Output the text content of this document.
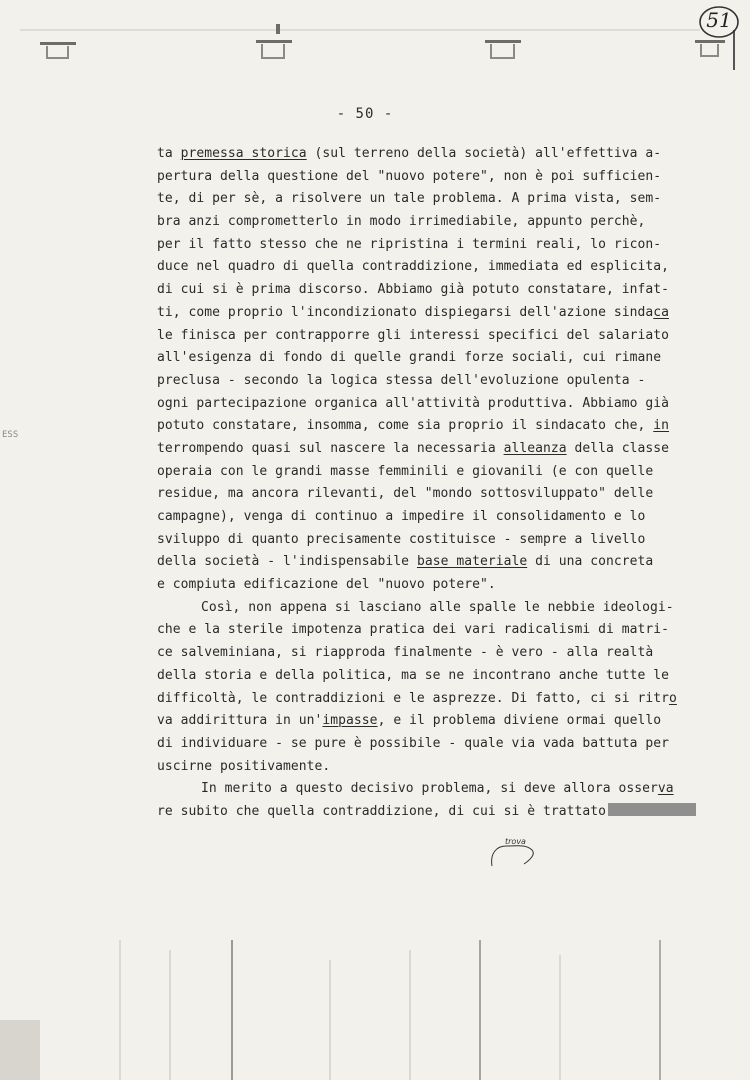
51
ESS
- 50 -
ta premessa storica (sul terreno della società) all'effettiva a-
pertura della questione del "nuovo potere", non è poi sufficien-
te, di per sè, a risolvere un tale problema. A prima vista, sem-
bra anzi comprometterlo in modo irrimediabile, appunto perchè,
per il fatto stesso che ne ripristina i termini reali, lo ricon-
duce nel quadro di quella contraddizione, immediata ed esplicita,
di cui si è prima discorso. Abbiamo già potuto constatare, infat-
ti, come proprio l'incondizionato dispiegarsi dell'azione sindaca
le finisca per contrapporre gli interessi specifici del salariato
all'esigenza di fondo di quelle grandi forze sociali, cui rimane
preclusa - secondo la logica stessa dell'evoluzione opulenta -
ogni partecipazione organica all'attività produttiva. Abbiamo già
potuto constatare, insomma, come sia proprio il sindacato che, in
terrompendo quasi sul nascere la necessaria alleanza della classe
operaia con le grandi masse femminili e giovanili (e con quelle
residue, ma ancora rilevanti, del "mondo sottosviluppato" delle
campagne), venga di continuo a impedire il consolidamento e lo
sviluppo di quanto precisamente costituisce - sempre a livello
della società - l'indispensabile base materiale di una concreta
e compiuta edificazione del "nuovo potere".
Così, non appena si lasciano alle spalle le nebbie ideologi-
che e la sterile impotenza pratica dei vari radicalismi di matri-
ce salveminiana, si riapproda finalmente - è vero - alla realtà
della storia e della politica, ma se ne incontrano anche tutte le
difficoltà, le contraddizioni e le asprezze. Di fatto, ci si ritro
va addirittura in un'impasse, e il problema diviene ormai quello
di individuare - se pure è possibile - quale via vada battuta per
uscirne positivamente.
In merito a questo decisivo problema, si deve allora osserva
re subito che quella contraddizione, di cui si è trattato
trova
